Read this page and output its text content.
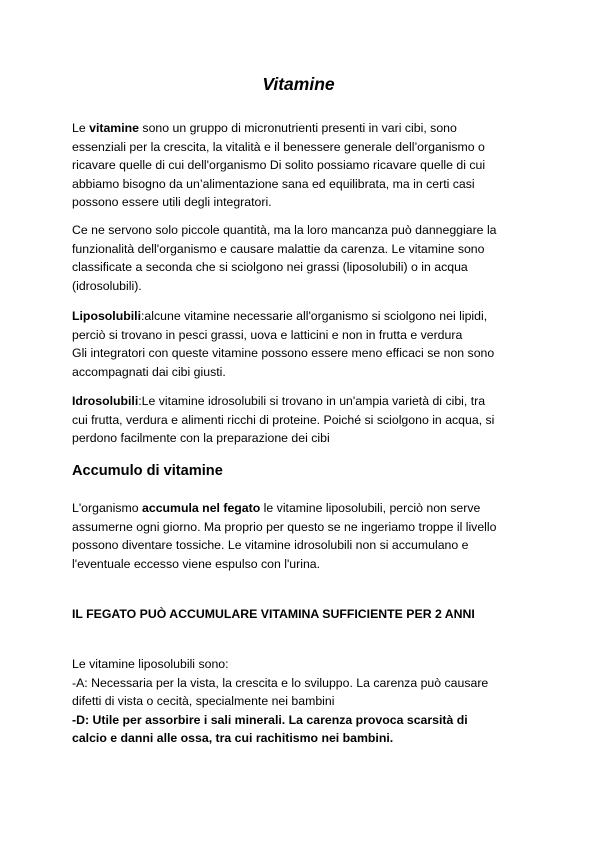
Vitamine

Le vitamine sono un gruppo di micronutrienti presenti in vari cibi, sono
essenziali per la crescita, la vitalità e il benessere generale dell’organismo o
ricavare quelle di cui dell'organismo Di solito possiamo ricavare quelle di cui
abbiamo bisogno da un’alimentazione sana ed equilibrata, ma in certi casi
possono essere utili degli integratori.

Ce ne servono solo piccole quantità, ma la loro mancanza può danneggiare la
funzionalità dell'organismo e causare malattie da carenza. Le vitamine sono
classificate a seconda che si sciolgono nei grassi (liposolubili) o in acqua
(idrosolubili).

Liposolubili:alcune vitamine necessarie all'organismo si sciolgono nei lipidi,
perciò si trovano in pesci grassi, uova e latticini e non in frutta e verdura
Gli integratori con queste vitamine possono essere meno efficaci se non sono
accompagnati dai cibi giusti.

Idrosolubili:Le vitamine idrosolubili si trovano in un'ampia varietà di cibi, tra
cui frutta, verdura e alimenti ricchi di proteine. Poiché si sciolgono in acqua, si
perdono facilmente con la preparazione dei cibi

Accumulo di vitamine

L'organismo accumula nel fegato le vitamine liposolubili, perciò non serve
assumerne ogni giorno. Ma proprio per questo se ne ingeriamo troppe il livello
possono diventare tossiche. Le vitamine idrosolubili non si accumulano e
l'eventuale eccesso viene espulso con l'urina.

IL FEGATO PUÒ ACCUMULARE VITAMINA SUFFICIENTE PER 2 ANNI

Le vitamine liposolubili sono:
-A: Necessaria per la vista, la crescita e lo sviluppo. La carenza può causare
difetti di vista o cecità, specialmente nei bambini
-D: Utile per assorbire i sali minerali. La carenza provoca scarsità di
calcio e danni alle ossa, tra cui rachitismo nei bambini.
